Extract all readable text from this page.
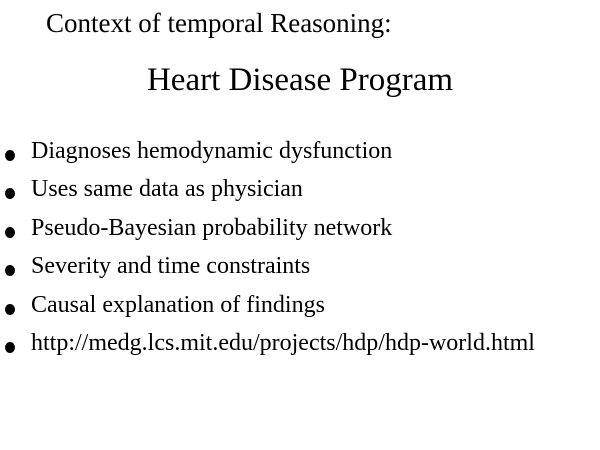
Context of temporal Reasoning:
Heart Disease Program
Diagnoses hemodynamic dysfunction
Uses same data as physician
Pseudo-Bayesian probability network
Severity and time constraints
Causal explanation of findings
http://medg.lcs.mit.edu/projects/hdp/hdp-world.html
